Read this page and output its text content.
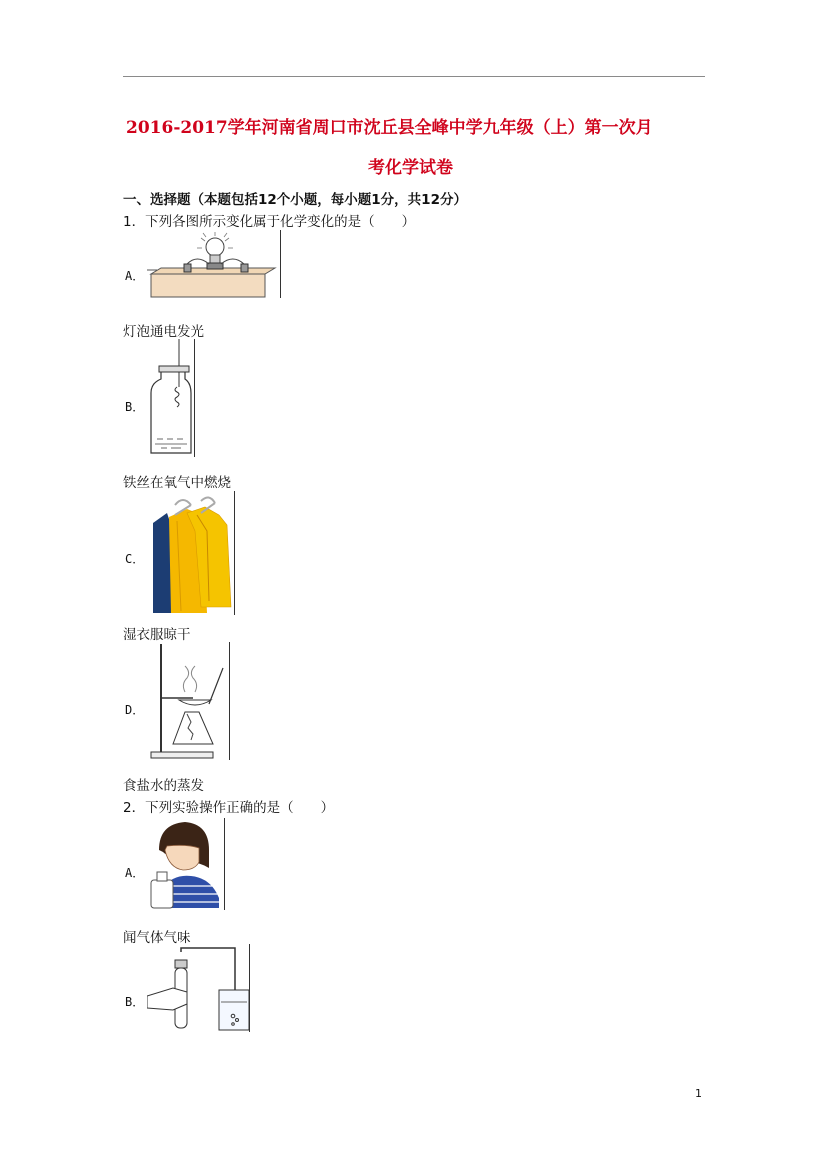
2016-2017学年河南省周口市沈丘县全峰中学九年级（上）第一次月
考化学试卷
一、选择题（本题包括12个小题，每小题1分，共12分）
1．下列各图所示变化属于化学变化的是（　　）
A．
灯泡通电发光
B．
铁丝在氧气中燃烧
C．
湿衣服晾干
D．
食盐水的蒸发
2．下列实验操作正确的是（　　）
A．
闻气体气味
B．
1
